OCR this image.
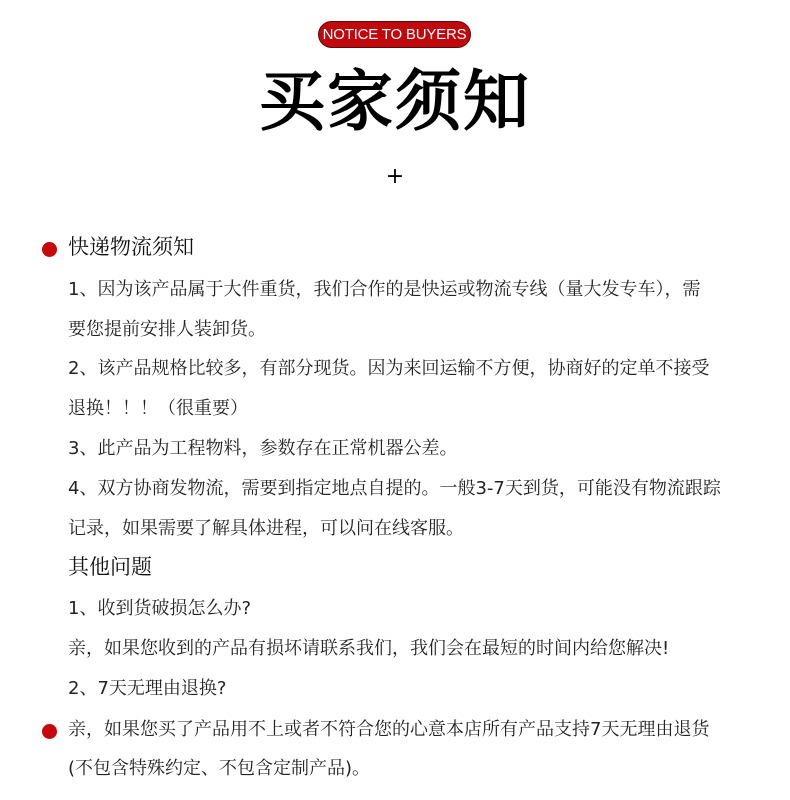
NOTICE TO BUYERS
买家须知
+
快递物流须知
1、因为该产品属于大件重货，我们合作的是快运或物流专线（量大发专车），需
要您提前安排人装卸货。
2、该产品规格比较多，有部分现货。因为来回运输不方便，协商好的定单不接受
退换！！！（很重要）
3、此产品为工程物料，参数存在正常机器公差。
4、双方协商发物流，需要到指定地点自提的。一般3-7天到货，可能没有物流跟踪
记录，如果需要了解具体进程，可以问在线客服。
其他问题
1、收到货破损怎么办?
亲，如果您收到的产品有损坏请联系我们，我们会在最短的时间内给您解决!
2、7天无理由退换?
亲，如果您买了产品用不上或者不符合您的心意本店所有产品支持7天无理由退货
(不包含特殊约定、不包含定制产品)。
